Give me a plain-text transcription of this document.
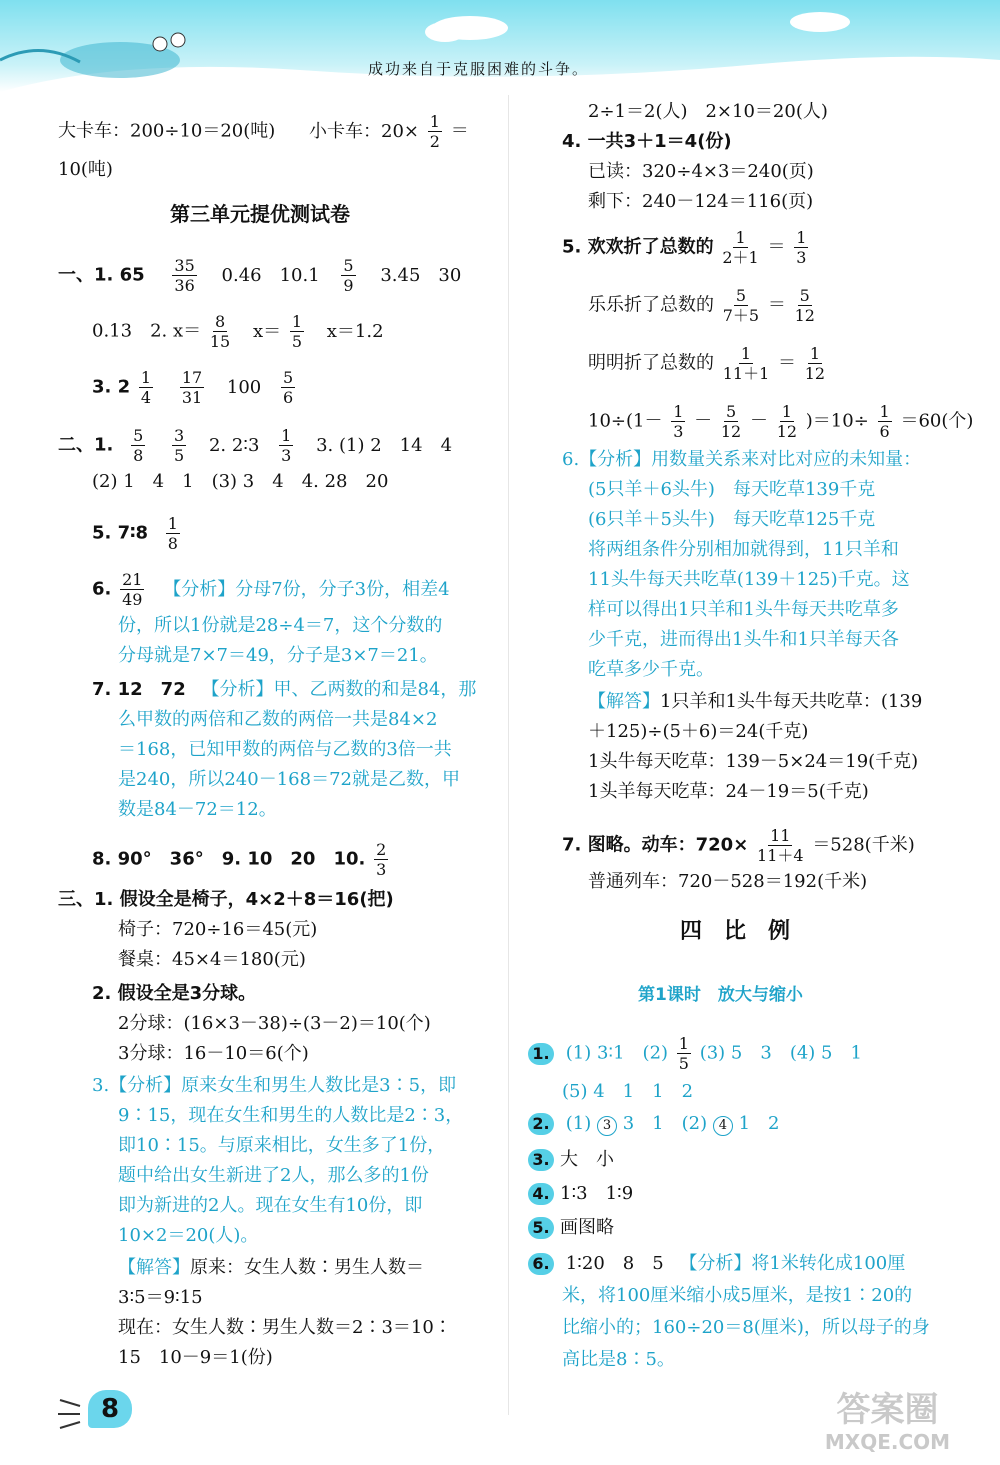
成功来自于克服困难的斗争。
大卡车：200÷10＝20(吨) 小卡车：$20\times \frac{1}{2}$ ＝
10(吨)
第三单元提优测试卷
一、1. $65 \frac{35}{36} 0.46$　$10.1 \frac{5}{9} 3.45$　30
0.13　2. $x= \frac{8}{15} x= \frac{1}{5} x=1.2$
3. $2 \frac{1}{4}$
$\frac{17}{31} 100 \frac{5}{6}$
二、1. $\frac{5}{8}$
$\frac{3}{5} 2$. 2∶3 $\frac{1}{3} 3$. (1) 2　14　4
(2) 1　4　1　(3) 3　4　4. 28　20
5. 7∶8 $\frac{1}{8}$
6. $\frac{21}{49}$ 【分析】分母7份，分子3份，相差4
份，所以1份就是28÷4＝7，这个分数的
分母就是7×7＝49，分子是3×7＝21。
7. 12　72 【分析】甲、乙两数的和是84，那
么甲数的两倍和乙数的两倍一共是84×2
＝168，已知甲数的两倍与乙数的3倍一共
是240，所以240－168＝72就是乙数，甲
数是84－72＝12。
8. 90°　36°　9. 10　20　10. $\frac{2}{3}$
三、1. 假设全是椅子，4×2＋8＝16(把)
椅子：720÷16＝45(元)
餐桌：45×4＝180(元)
2. 假设全是3分球。
2分球：(16×3－38)÷(3－2)＝10(个)
3分球：16－10＝6(个)
3.【分析】原来女生和男生人数比是3∶5，即
9∶15，现在女生和男生的人数比是2∶3，
即10∶15。与原来相比，女生多了1份，
题中给出女生新进了2人，那么多的1份
即为新进的2人。现在女生有10份，即
10×2＝20(人)。
【解答】原来：女生人数∶男生人数＝
3∶5＝9∶15
现在：女生人数∶男生人数＝2∶3＝10∶
15　10－9＝1(份)
2÷1＝2(人)　2×10＝20(人)
4. 一共3＋1＝4(份)
已读：320÷4×3＝240(页)
剩下：240－124＝116(页)
5. 欢欢折了总数的 $\frac{1}{2+1} = \frac{1}{3}$
乐乐折了总数的 $\frac{5}{7+5} = \frac{5}{12}$
明明折了总数的 $\frac{1}{11+1} = \frac{1}{12}$
$10\div(1- \frac{1}{3} - \frac{5}{12} - \frac{1}{12} )=10\div \frac{1}{6} =60$(个)
6.【分析】用数量关系来对比对应的未知量：
(5只羊＋6头牛)　每天吃草139千克
(6只羊＋5头牛)　每天吃草125千克
将两组条件分别相加就得到，11只羊和
11头牛每天共吃草(139＋125)千克。这
样可以得出1只羊和1头牛每天共吃草多
少千克，进而得出1头牛和1只羊每天各
吃草多少千克。
【解答】1只羊和1头牛每天共吃草：(139
＋125)÷(5＋6)＝24(千克)
1头牛每天吃草：139－5×24＝19(千克)
1头羊每天吃草：24－19＝5(千克)
7. 图略。动车：$720\times \frac{11}{11+4} =528$(千米)
普通列车：720－528＝192(千米)
四　比　例
第1课时　放大与缩小
1. (1) 3∶1　$(2) \frac{1}{5} (3)$ 5　3　(4) 5　1
(5) 4　1　1　2
2. (1) 3 3　1　(2) 4 1　2
3. 大　小
4. 1∶3　1∶9
5. 画图略
6. 1∶20　8　5 【分析】将1米转化成100厘
米，将100厘米缩小成5厘米，是按1∶20的
比缩小的；160÷20＝8(厘米)，所以母子的身
高比是8∶5。
8	答案圈
MXQE.COM
